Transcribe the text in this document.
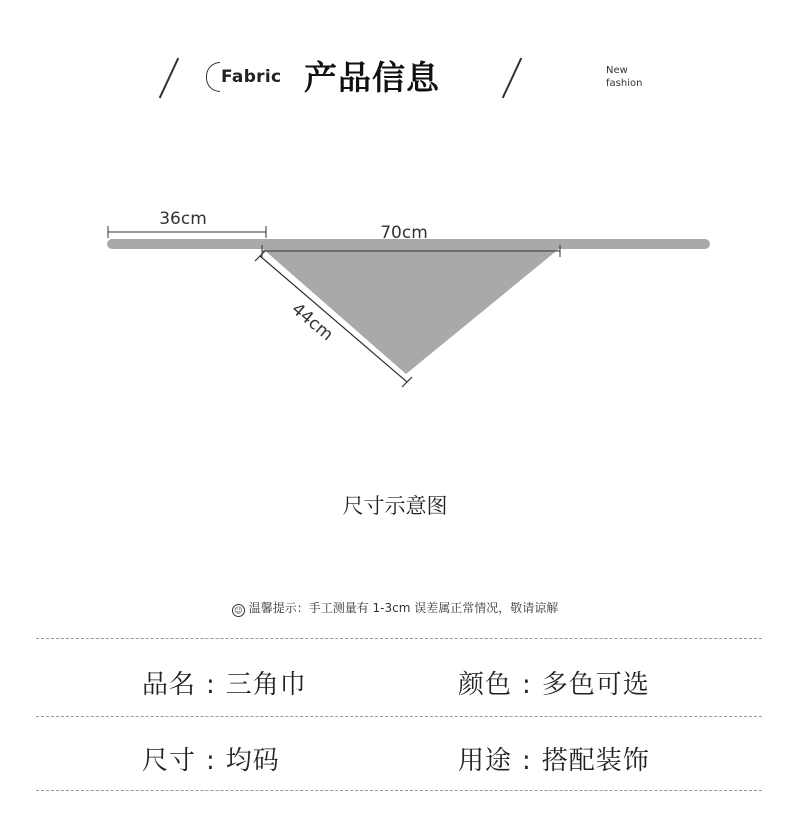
Fabric 产品信息	New
fashion
36cm
70cm
44cm
尺寸示意图
☺ 温馨提示：手工测量有 1-3cm 误差属正常情况，敬请谅解
品名 : 三角巾	颜色 : 多色可选
尺寸 : 均码	用途 : 搭配装饰
